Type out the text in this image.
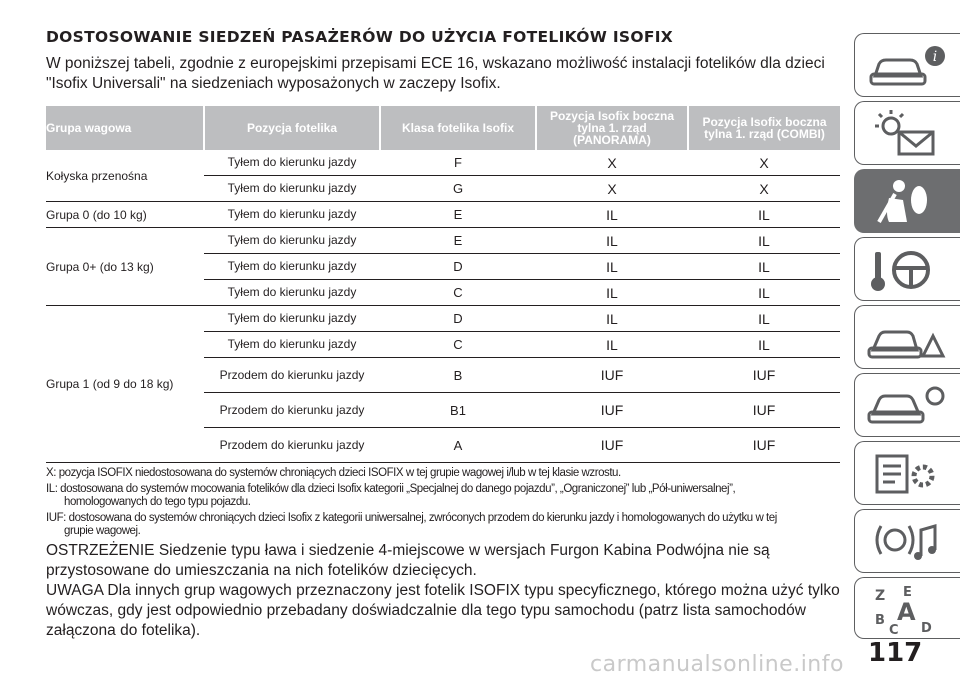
DOSTOSOWANIE SIEDZEŃ PASAŻERÓW DO UŻYCIA FOTELIKÓW ISOFIX

W poniższej tabeli, zgodnie z europejskimi przepisami ECE 16, wskazano możliwość instalacji fotelików dla dzieci "Isofix Universali" na siedzeniach wyposażonych w zaczepy Isofix.

Grupa wagowa	Pozycja fotelika	Klasa fotelika Isofix	Pozycja Isofix boczna tylna 1. rząd (PANORAMA)	Pozycja Isofix boczna tylna 1. rząd (COMBI)
Kołyska przenośna	Tyłem do kierunku jazdy	F	X	X
	Tyłem do kierunku jazdy	G	X	X
Grupa 0 (do 10 kg)	Tyłem do kierunku jazdy	E	IL	IL
Grupa 0+ (do 13 kg)	Tyłem do kierunku jazdy	E	IL	IL
	Tyłem do kierunku jazdy	D	IL	IL
	Tyłem do kierunku jazdy	C	IL	IL
Grupa 1 (od 9 do 18 kg)	Tyłem do kierunku jazdy	D	IL	IL
	Tyłem do kierunku jazdy	C	IL	IL
	Przodem do kierunku jazdy	B	IUF	IUF
	Przodem do kierunku jazdy	B1	IUF	IUF
	Przodem do kierunku jazdy	A	IUF	IUF

X: pozycja ISOFIX niedostosowana do systemów chroniących dzieci ISOFIX w tej grupie wagowej i/lub w tej klasie wzrostu.

IL: dostosowana do systemów mocowania fotelików dla dzieci Isofix kategorii „Specjalnej do danego pojazdu”, „Ograniczonej” lub „Pół-uniwersalnej”,
homologowanych do tego typu pojazdu.

IUF: dostosowana do systemów chroniących dzieci Isofix z kategorii uniwersalnej, zwróconych przodem do kierunku jazdy i homologowanych do użytku w tej
grupie wagowej.

OSTRZEŻENIE Siedzenie typu ława i siedzenie 4-miejscowe w wersjach Furgon Kabina Podwójna nie są przystosowane do umieszczania na nich fotelików dziecięcych.

UWAGA Dla innych grup wagowych przeznaczony jest fotelik ISOFIX typu specyficznego, którego można użyć tylko wówczas, gdy jest odpowiednio przebadany doświadczalnie dla tego typu samochodu (patrz lista samochodów załączona do fotelika).

i
Z E
B A
C D
117
carmanualsonline.info
